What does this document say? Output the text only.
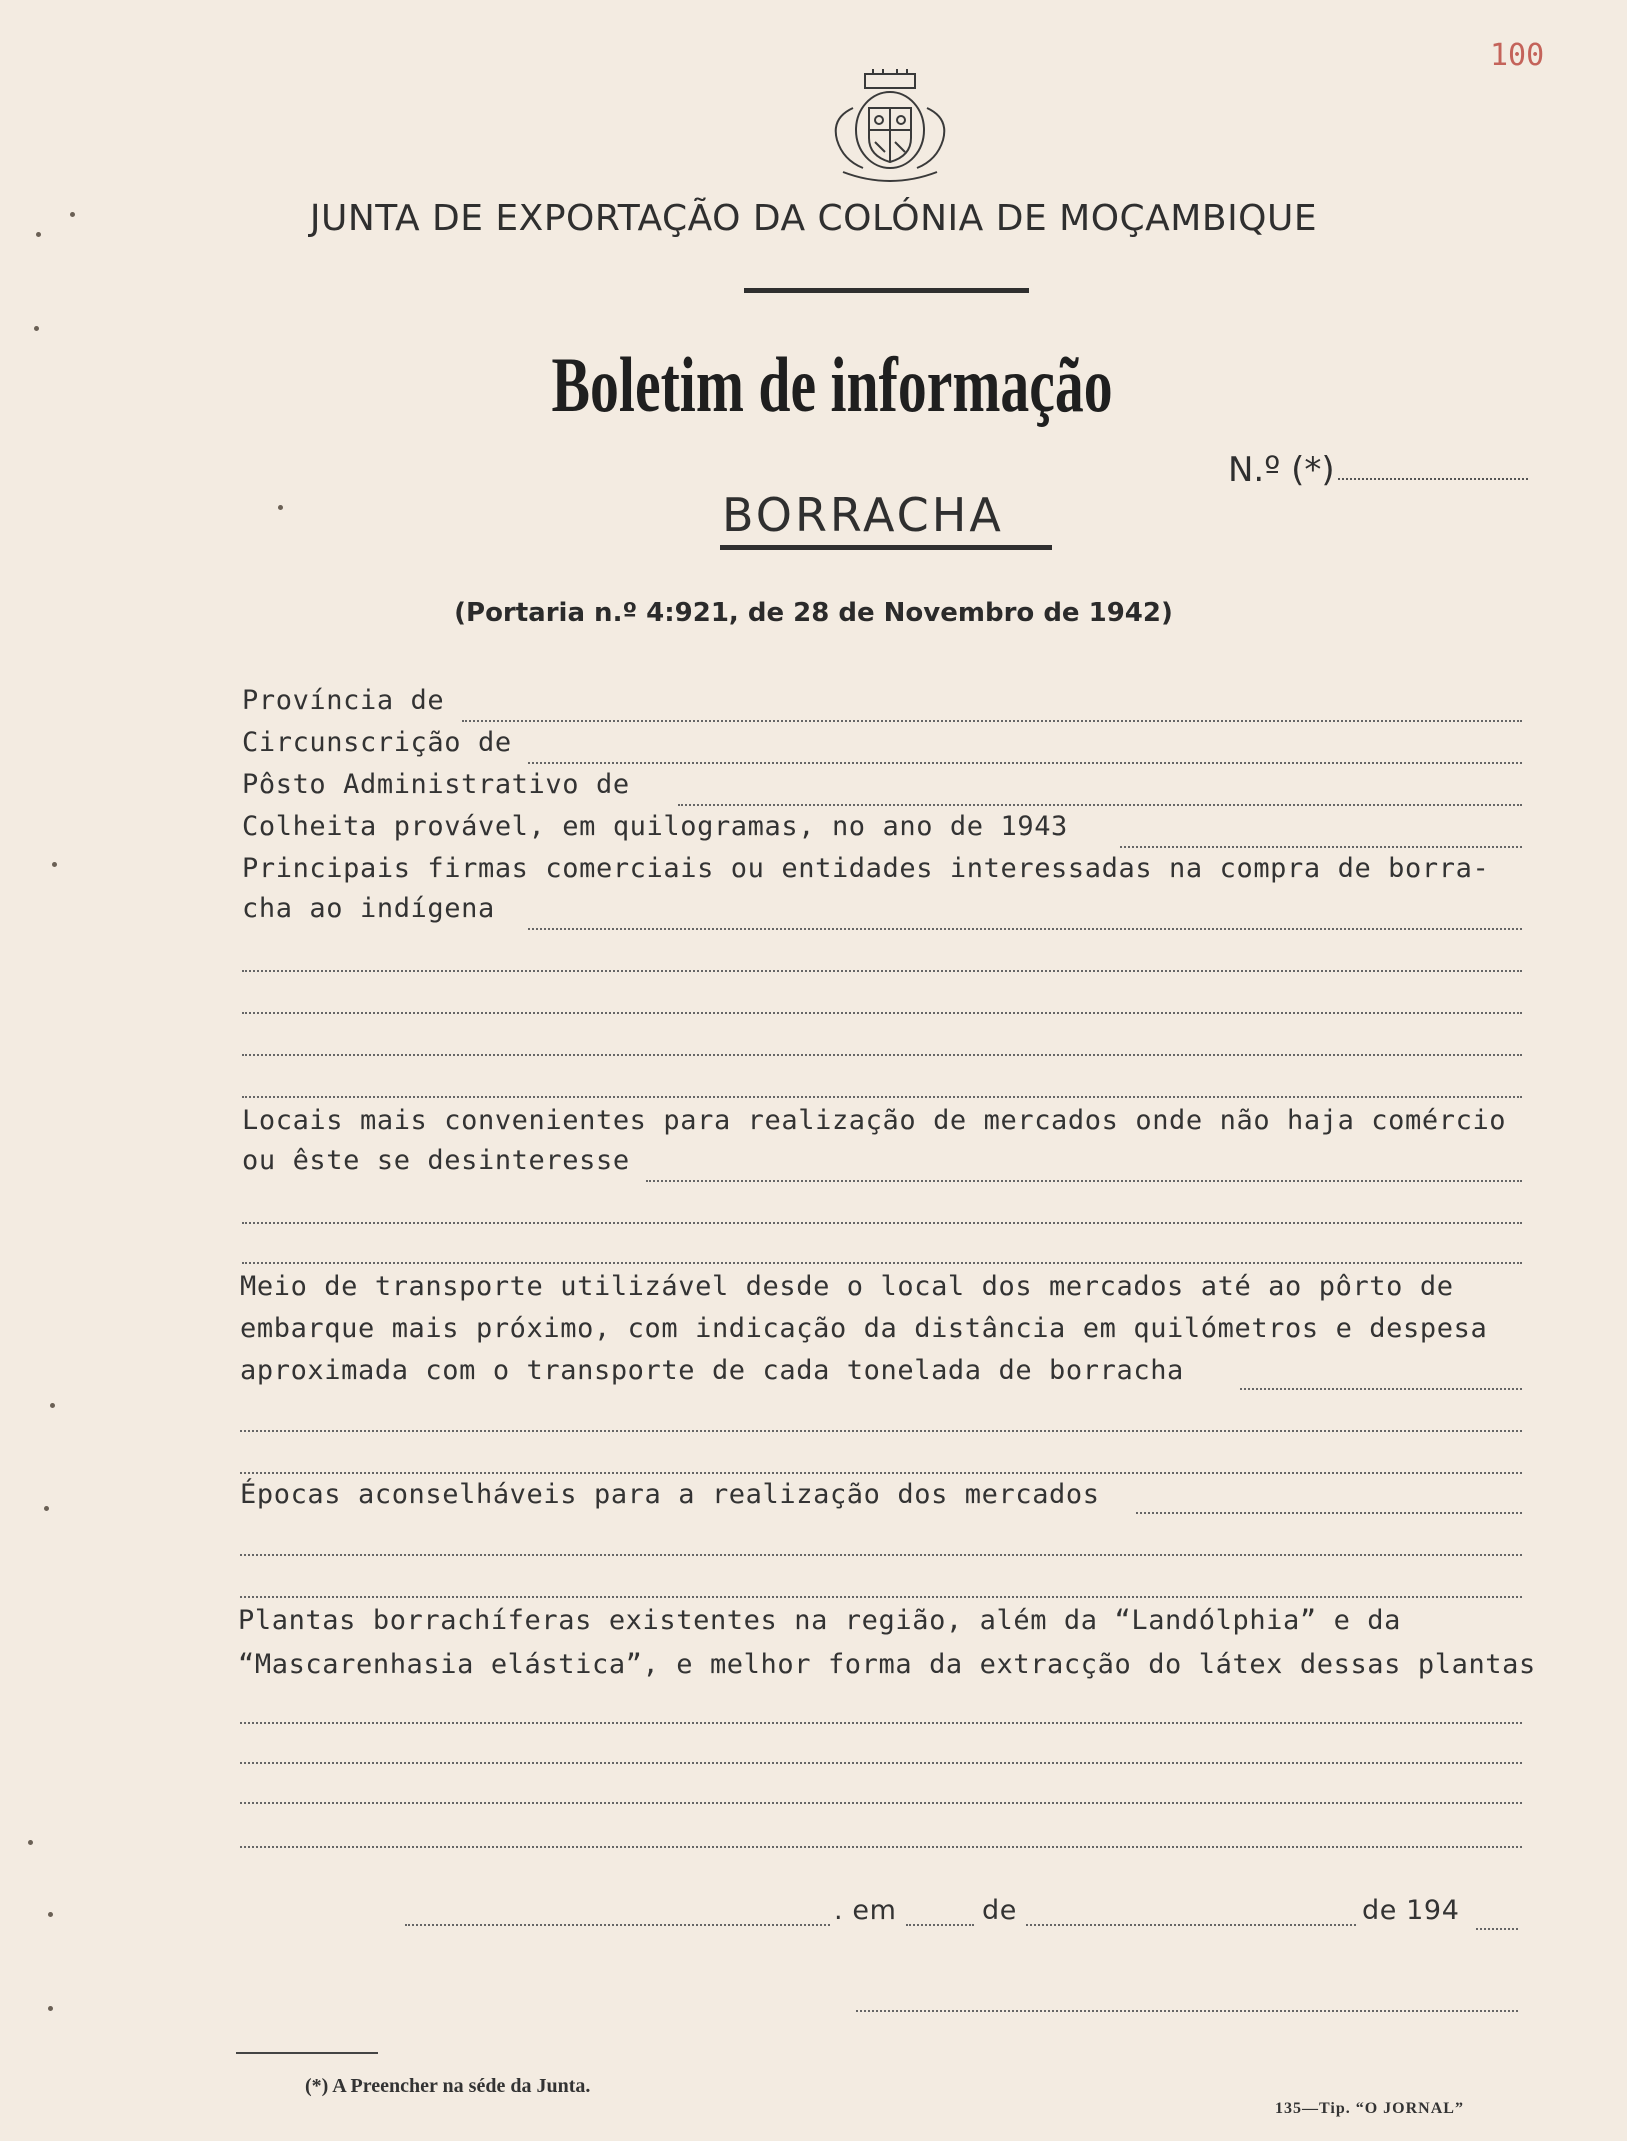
100
JUNTA DE EXPORTAÇÃO DA COLÓNIA DE MOÇAMBIQUE
Boletim de informação
N.º (*)
BORRACHA
(Portaria n.º 4:921, de 28 de Novembro de 1942)
Província de
Circunscrição de
Pôsto Administrativo de
Colheita provável, em quilogramas, no ano de 1943
Principais firmas comerciais ou entidades interessadas na compra de borra-
cha ao indígena
Locais mais convenientes para realização de mercados onde não haja comércio
ou êste se desinteresse
Meio de transporte utilizável desde o local dos mercados até ao pôrto de
embarque mais próximo, com indicação da distância em quilómetros e despesa
aproximada com o transporte de cada tonelada de borracha
Épocas aconselháveis para a realização dos mercados
Plantas borrachíferas existentes na região, além da “Landólphia” e da
“Mascarenhasia elástica”, e melhor forma da extracção do látex dessas plantas
. em	de	de 194
(*) A Preencher na séde da Junta.
135—Tip. “O JORNAL”
